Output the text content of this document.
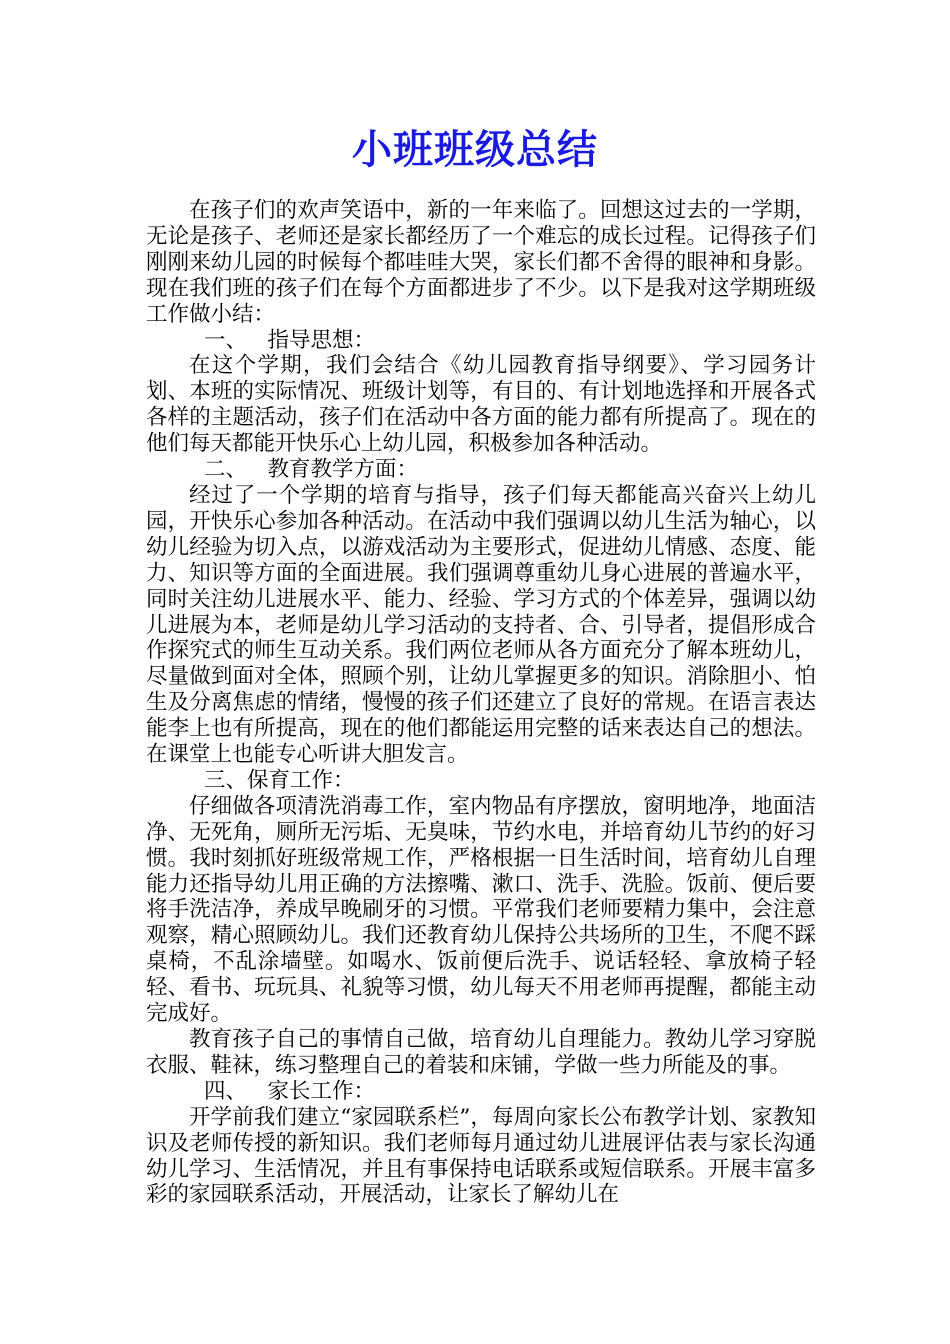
小班班级总结

在孩子们的欢声笑语中，新的一年来临了。回想这过去的一学期，无论是孩子、老师还是家长都经历了一个难忘的成长过程。记得孩子们刚刚来幼儿园的时候每个都哇哇大哭，家长们都不舍得的眼神和身影。现在我们班的孩子们在每个方面都进步了不少。以下是我对这学期班级工作做小结：

一、   指导思想：

在这个学期，我们会结合《幼儿园教育指导纲要》、学习园务计划、本班的实际情况、班级计划等，有目的、有计划地选择和开展各式各样的主题活动，孩子们在活动中各方面的能力都有所提高了。现在的他们每天都能开快乐心上幼儿园，积极参加各种活动。

二、   教育教学方面：

经过了一个学期的培育与指导，孩子们每天都能高兴奋兴上幼儿园，开快乐心参加各种活动。在活动中我们强调以幼儿生活为轴心，以幼儿经验为切入点，以游戏活动为主要形式，促进幼儿情感、态度、能力、知识等方面的全面进展。我们强调尊重幼儿身心进展的普遍水平，同时关注幼儿进展水平、能力、经验、学习方式的个体差异，强调以幼儿进展为本，老师是幼儿学习活动的支持者、合、引导者，提倡形成合作探究式的师生互动关系。我们两位老师从各方面充分了解本班幼儿，尽量做到面对全体，照顾个别，让幼儿掌握更多的知识。消除胆小、怕生及分离焦虑的情绪，慢慢的孩子们还建立了良好的常规。在语言表达能李上也有所提高，现在的他们都能运用完整的话来表达自己的想法。在课堂上也能专心听讲大胆发言。

三、保育工作：

仔细做各项清洗消毒工作，室内物品有序摆放，窗明地净，地面洁净、无死角，厕所无污垢、无臭味，节约水电，并培育幼儿节约的好习惯。我时刻抓好班级常规工作，严格根据一日生活时间，培育幼儿自理能力还指导幼儿用正确的方法擦嘴、漱口、洗手、洗脸。饭前、便后要将手洗洁净，养成早晚刷牙的习惯。平常我们老师要精力集中，会注意观察，精心照顾幼儿。我们还教育幼儿保持公共场所的卫生，不爬不踩桌椅，不乱涂墙壁。如喝水、饭前便后洗手、说话轻轻、拿放椅子轻轻、看书、玩玩具、礼貌等习惯，幼儿每天不用老师再提醒，都能主动完成好。

教育孩子自己的事情自己做，培育幼儿自理能力。教幼儿学习穿脱衣服、鞋袜，练习整理自己的着装和床铺，学做一些力所能及的事。

四、   家长工作：

开学前我们建立“家园联系栏”，每周向家长公布教学计划、家教知识及老师传授的新知识。我们老师每月通过幼儿进展评估表与家长沟通幼儿学习、生活情况，并且有事保持电话联系或短信联系。开展丰富多彩的家园联系活动，开展活动，让家长了解幼儿在
